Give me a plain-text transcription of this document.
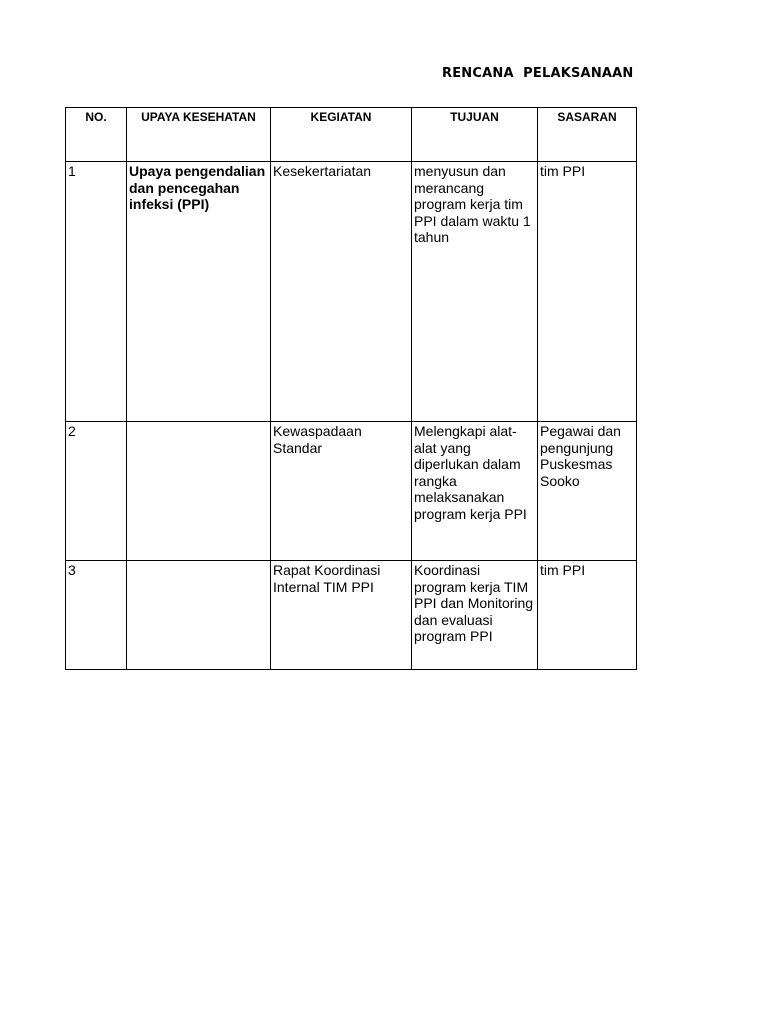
RENCANA  PELAKSANAAN
NO.	UPAYA KESEHATAN	KEGIATAN	TUJUAN	SASARAN
1	Upaya pengendalian dan pencegahan infeksi (PPI)	Kesekertariatan	menyusun dan merancang program kerja tim PPI dalam waktu 1 tahun	tim PPI
2		Kewaspadaan Standar	Melengkapi alat-alat yang diperlukan dalam rangka melaksanakan program kerja PPI	Pegawai dan pengunjung Puskesmas Sooko
3		Rapat Koordinasi Internal TIM PPI	Koordinasi program kerja TIM PPI dan Monitoring dan evaluasi program PPI	tim PPI
